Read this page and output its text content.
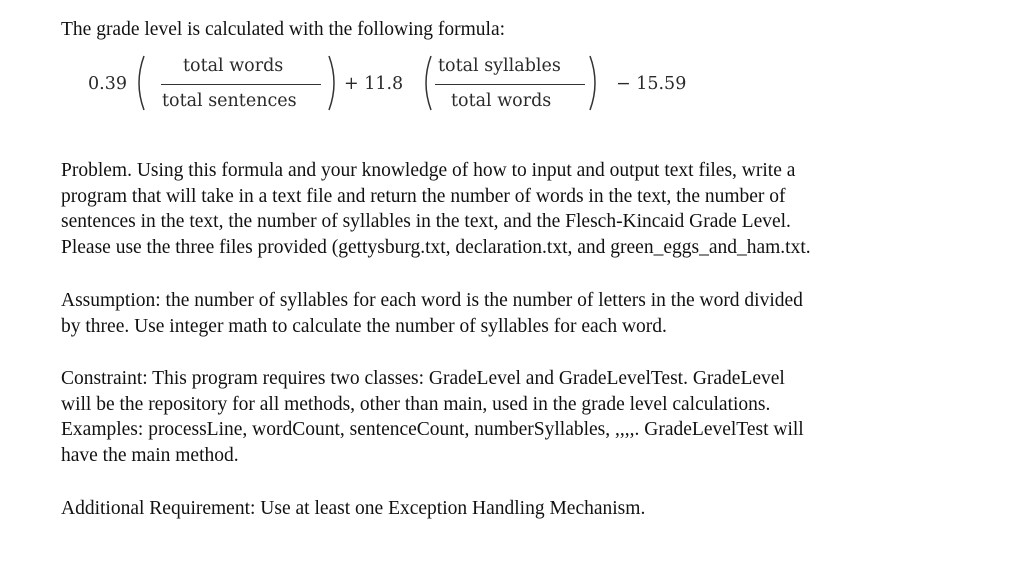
The grade level is calculated with the following formula:
0.39
total words
total sentences
+ 11.8
total syllables
total words
− 15.59

Problem. Using this formula and your knowledge of how to input and output text files, write a

program that will take in a text file and return the number of words in the text, the number of

sentences in the text, the number of syllables in the text, and the Flesch-Kincaid Grade Level.

Please use the three files provided (gettysburg.txt, declaration.txt, and green_eggs_and_ham.txt.

Assumption: the number of syllables for each word is the number of letters in the word divided

by three. Use integer math to calculate the number of syllables for each word.

Constraint: This program requires two classes: GradeLevel and GradeLevelTest. GradeLevel

will be the repository for all methods, other than main, used in the grade level calculations.

Examples: processLine, wordCount, sentenceCount, numberSyllables, ,,,,. GradeLevelTest will

have the main method.

Additional Requirement: Use at least one Exception Handling Mechanism.
